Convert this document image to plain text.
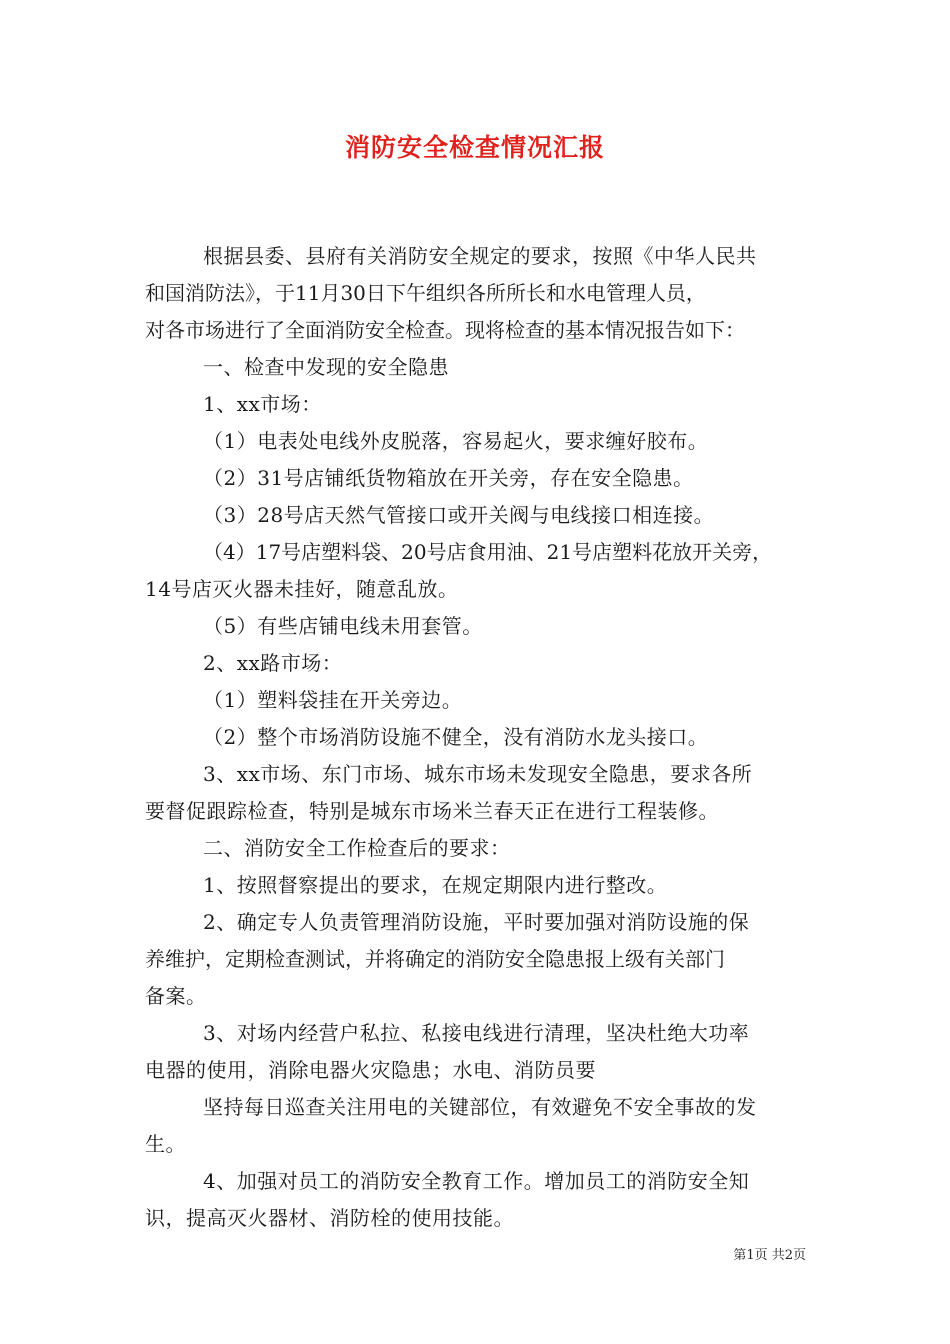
消防安全检查情况汇报

根据县委、县府有关消防安全规定的要求，按照《中华人民共

和国消防法》，于11月30日下午组织各所所长和水电管理人员，

对各市场进行了全面消防安全检查。现将检查的基本情况报告如下：

一、检查中发现的安全隐患

1、xx市场：

（1）电表处电线外皮脱落，容易起火，要求缠好胶布。

（2）31号店铺纸货物箱放在开关旁，存在安全隐患。

（3）28号店天然气管接口或开关阀与电线接口相连接。

（4）17号店塑料袋、20号店食用油、21号店塑料花放开关旁，

14号店灭火器未挂好，随意乱放。

（5）有些店铺电线未用套管。

2、xx路市场：

（1）塑料袋挂在开关旁边。

（2）整个市场消防设施不健全，没有消防水龙头接口。

3、xx市场、东门市场、城东市场未发现安全隐患，要求各所

要督促跟踪检查，特别是城东市场米兰春天正在进行工程装修。

二、消防安全工作检查后的要求：

1、按照督察提出的要求，在规定期限内进行整改。

2、确定专人负责管理消防设施，平时要加强对消防设施的保

养维护，定期检查测试，并将确定的消防安全隐患报上级有关部门

备案。

3、对场内经营户私拉、私接电线进行清理，坚决杜绝大功率

电器的使用，消除电器火灾隐患；水电、消防员要

坚持每日巡查关注用电的关键部位，有效避免不安全事故的发

生。

4、加强对员工的消防安全教育工作。增加员工的消防安全知

识，提高灭火器材、消防栓的使用技能。

第1页 共2页
